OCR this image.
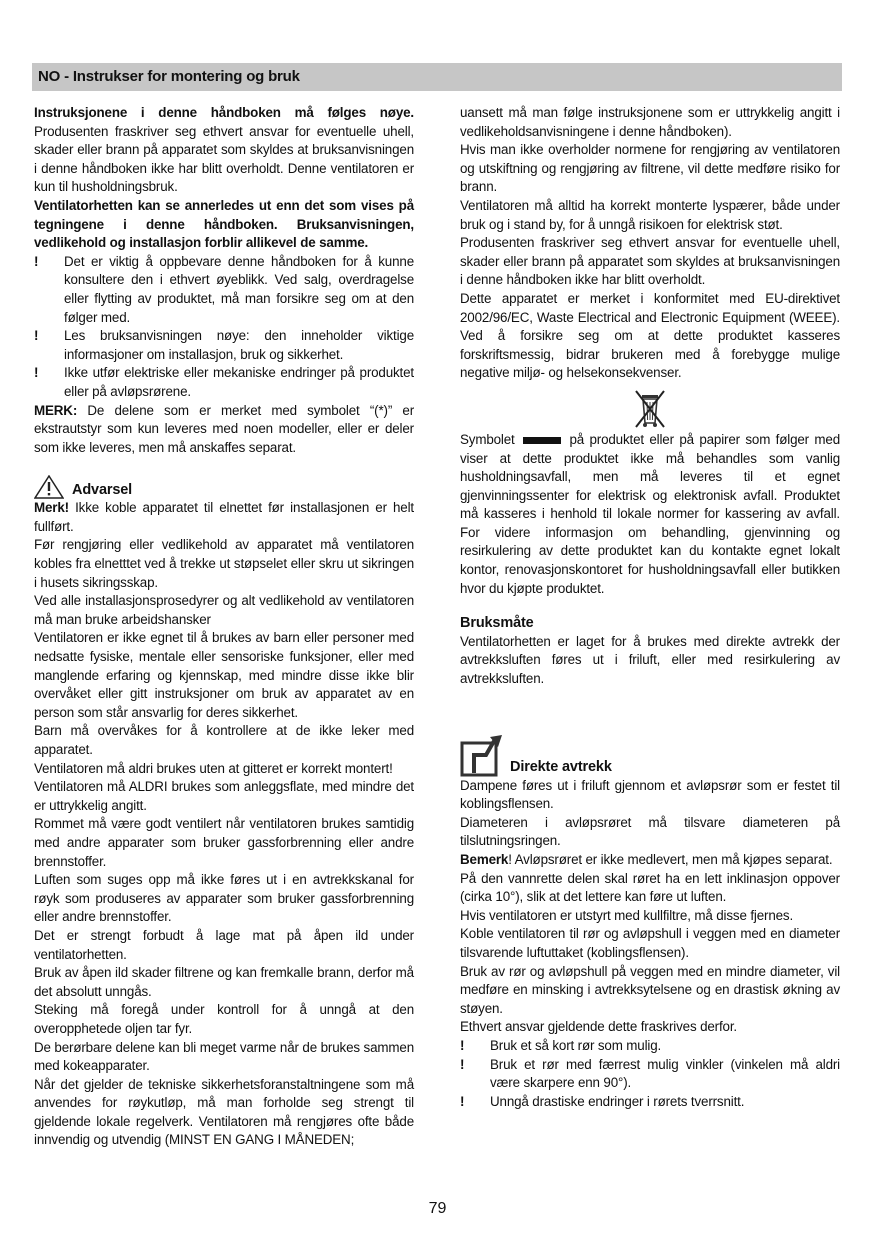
NO - Instrukser for montering og bruk

Instruksjonene i denne håndboken må følges nøye. Produsenten fraskriver seg ethvert ansvar for eventuelle uhell, skader eller brann på apparatet som skyldes at bruksanvisningen i denne håndboken ikke har blitt overholdt. Denne ventilatoren er kun til husholdningsbruk.

Ventilatorhetten kan se annerledes ut enn det som vises på tegningene i denne håndboken. Bruksanvisningen, vedlikehold og installasjon forblir allikevel de samme.

!	Det er viktig å oppbevare denne håndboken for å kunne konsultere den i ethvert øyeblikk. Ved salg, overdragelse eller flytting av produktet, må man forsikre seg om at den følger med.
!	Les bruksanvisningen nøye: den inneholder viktige informasjoner om installasjon, bruk og sikkerhet.
!	Ikke utfør elektriske eller mekaniske endringer på produktet eller på avløpsrørene.

MERK: De delene som er merket med symbolet “(*)” er ekstrautstyr som kun leveres med noen modeller, eller er deler som ikke leveres, men må anskaffes separat.

Advarsel

Merk! Ikke koble apparatet til elnettet før installasjonen er helt fullført.

Før rengjøring eller vedlikehold av apparatet må ventilatoren kobles fra elnetttet ved å trekke ut støpselet eller skru ut sikringen i husets sikringsskap.

Ved alle installasjonsprosedyrer og alt vedlikehold av ventilatoren må man bruke arbeidshansker

Ventilatoren er ikke egnet til å brukes av barn eller personer med nedsatte fysiske, mentale eller sensoriske funksjoner, eller med manglende erfaring og kjennskap, med mindre disse ikke blir overvåket eller gitt instruksjoner om bruk av apparatet av en person som står ansvarlig for deres sikkerhet.

Barn må overvåkes for å kontrollere at de ikke leker med apparatet.

Ventilatoren må aldri brukes uten at gitteret er korrekt montert!

Ventilatoren må ALDRI brukes som anleggsflate, med mindre det er uttrykkelig angitt.

Rommet må være godt ventilert når ventilatoren brukes samtidig med andre apparater som bruker gassforbrenning eller andre brennstoffer.

Luften som suges opp må ikke føres ut i en avtrekkskanal for røyk som produseres av apparater som bruker gassforbrenning eller andre brennstoffer.

Det er strengt forbudt å lage mat på åpen ild under ventilatorhetten.

Bruk av åpen ild skader filtrene og kan fremkalle brann, derfor må det absolutt unngås.

Steking må foregå under kontroll for å unngå at den overopphetede oljen tar fyr.

De berørbare delene kan bli meget varme når de brukes sammen med kokeapparater.

Når det gjelder de tekniske sikkerhetsforanstaltningene som må anvendes for røykutløp, må man forholde seg strengt til gjeldende lokale regelverk. Ventilatoren må rengjøres ofte både innvendig og utvendig (MINST EN GANG I MÅNEDEN;

uansett må man følge instruksjonene som er uttrykkelig angitt i vedlikeholdsanvisningene i denne håndboken).

Hvis man ikke overholder normene for rengjøring av ventilatoren og utskiftning og rengjøring av filtrene, vil dette medføre risiko for brann.

Ventilatoren må alltid ha korrekt monterte lyspærer, både under bruk og i stand by, for å unngå risikoen for elektrisk støt.

Produsenten fraskriver seg ethvert ansvar for eventuelle uhell, skader eller brann på apparatet som skyldes at bruksanvisningen i denne håndboken ikke har blitt overholdt.

Dette apparatet er merket i konformitet med EU-direktivet 2002/96/EC, Waste Electrical and Electronic Equipment (WEEE). Ved å forsikre seg om at dette produktet kasseres forskriftsmessig, bidrar brukeren med å forebygge mulige negative miljø- og helsekonsekvenser.

Symbolet	på produktet eller på papirer som følger med viser at dette produktet ikke må behandles som vanlig husholdningsavfall, men må leveres til et egnet gjenvinningssenter for elektrisk og elektronisk avfall. Produktet må kasseres i henhold til lokale normer for kassering av avfall. For videre informasjon om behandling, gjenvinning og resirkulering av dette produktet kan du kontakte egnet lokalt kontor, renovasjonskontoret for husholdningsavfall eller butikken hvor du kjøpte produktet.

Bruksmåte

Ventilatorhetten er laget for å brukes med direkte avtrekk der avtrekksluften føres ut i friluft, eller med resirkulering av avtrekksluften.

Direkte avtrekk

Dampene føres ut i friluft gjennom et avløpsrør som er festet til koblingsflensen.

Diameteren i avløpsrøret må tilsvare diameteren på tilslutningsringen.

Bemerk! Avløpsrøret er ikke medlevert, men må kjøpes separat.

På den vannrette delen skal røret ha en lett inklinasjon oppover (cirka 10°), slik at det lettere kan føre ut luften.

Hvis ventilatoren er utstyrt med kullfiltre, må disse fjernes.

Koble ventilatoren til rør og avløpshull i veggen med en diameter tilsvarende luftuttaket (koblingsflensen).

Bruk av rør og avløpshull på veggen med en mindre diameter, vil medføre en minsking i avtrekksytelsene og en drastisk økning av støyen.

Ethvert ansvar gjeldende dette fraskrives derfor.

!	Bruk et så kort rør som mulig.
!	Bruk et rør med færrest mulig vinkler (vinkelen må aldri være skarpere enn 90°).
!	Unngå drastiske endringer i rørets tverrsnitt.
79
